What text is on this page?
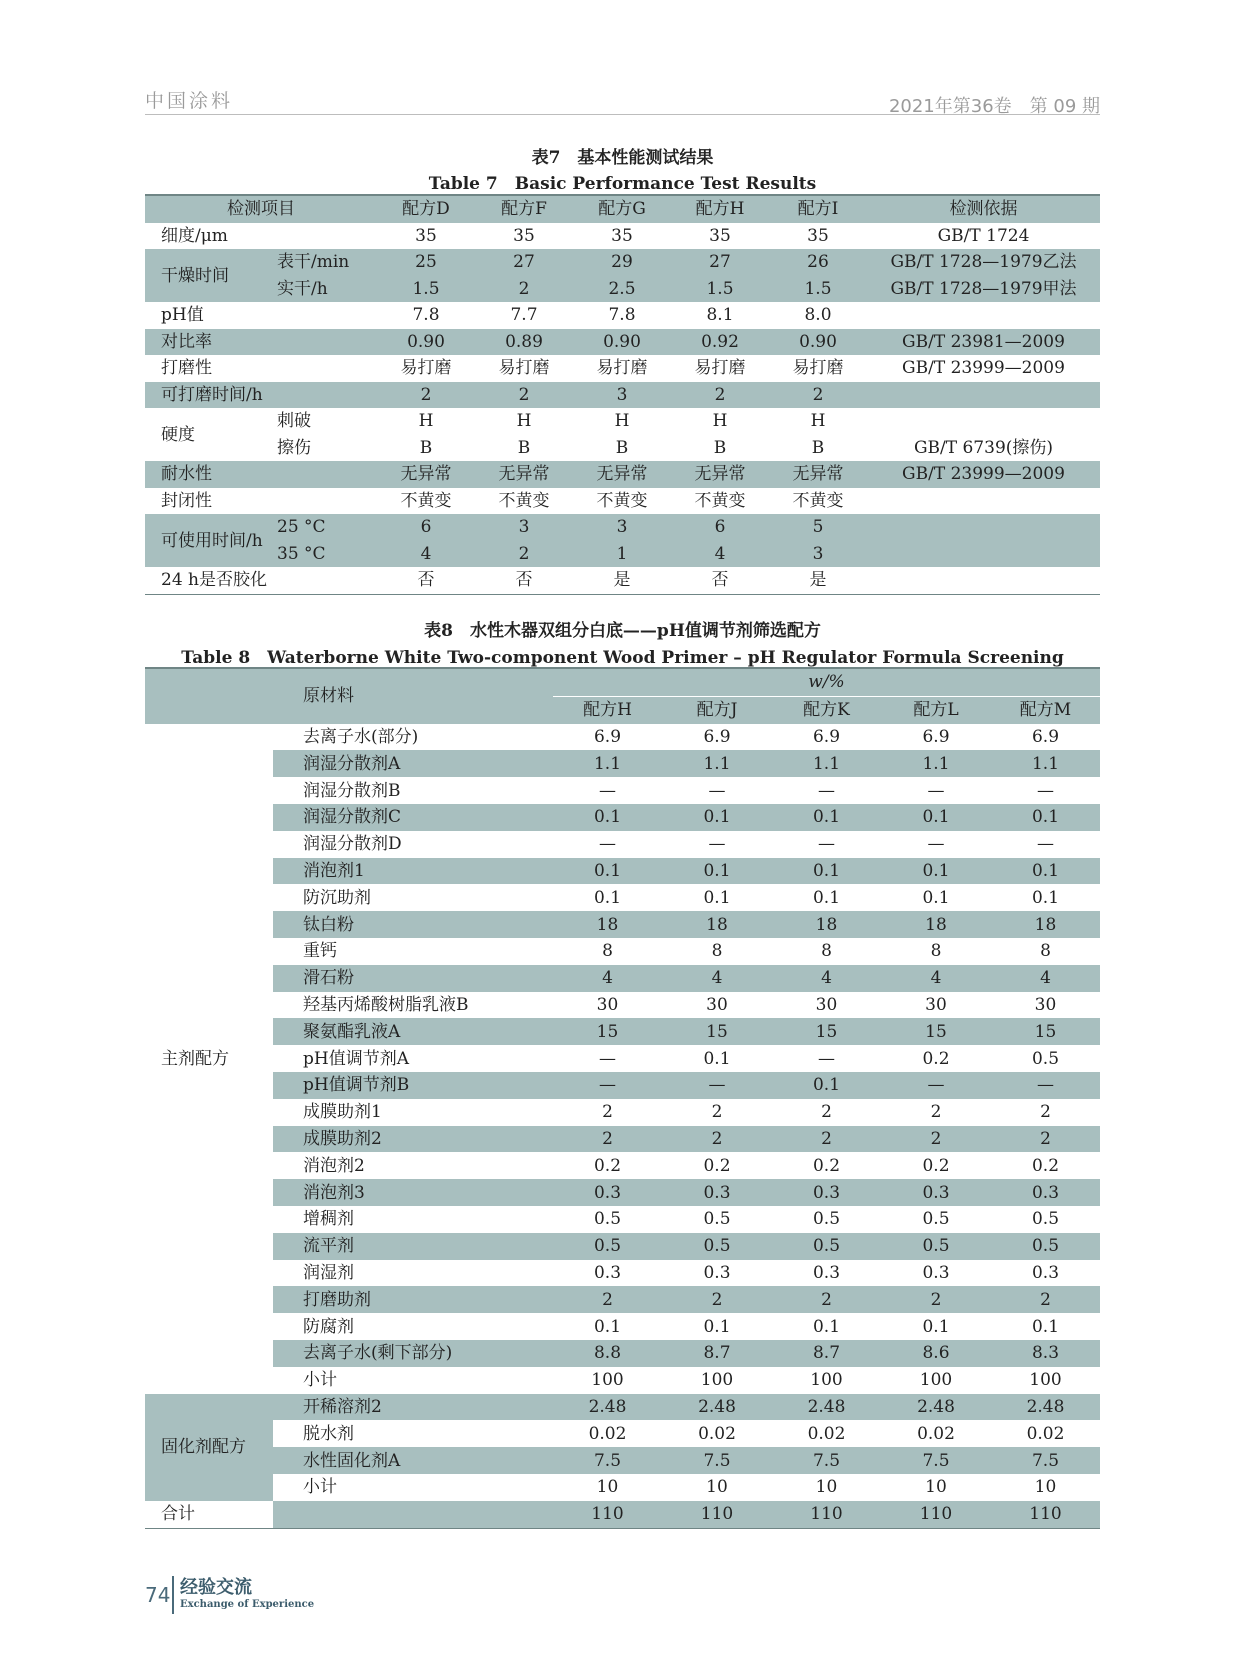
中国涂料	2021年第36卷　第 09 期
表7　基本性能测试结果
Table 7　Basic Performance Test Results
检测项目		配方D	配方F	配方G	配方H	配方I	检测依据
细度/μm		35	35	35	35	35	GB/T 1724
干燥时间	表干/min	25	27	29	27	26	GB/T 1728—1979乙法
	实干/h	1.5	2	2.5	1.5	1.5	GB/T 1728—1979甲法
pH值		7.8	7.7	7.8	8.1	8.0	
对比率		0.90	0.89	0.90	0.92	0.90	GB/T 23981—2009
打磨性		易打磨	易打磨	易打磨	易打磨	易打磨	GB/T 23999—2009
可打磨时间/h		2	2	3	2	2	
硬度	刺破	H	H	H	H	H	
	擦伤	B	B	B	B	B	GB/T 6739(擦伤)
耐水性		无异常	无异常	无异常	无异常	无异常	GB/T 23999—2009
封闭性		不黄变	不黄变	不黄变	不黄变	不黄变	
可使用时间/h	25 °C	6	3	3	6	5	
	35 °C	4	2	1	4	3	
24 h是否胶化		否	否	是	否	是	
表8　水性木器双组分白底——pH值调节剂筛选配方
Table 8　Waterborne White Two-component Wood Primer – pH Regulator Formula Screening
	原材料	w/%				
		配方H	配方J	配方K	配方L	配方M
主剂配方	去离子水(部分)	6.9	6.9	6.9	6.9	6.9
	润湿分散剂A	1.1	1.1	1.1	1.1	1.1
	润湿分散剂B	—	—	—	—	—
	润湿分散剂C	0.1	0.1	0.1	0.1	0.1
	润湿分散剂D	—	—	—	—	—
	消泡剂1	0.1	0.1	0.1	0.1	0.1
	防沉助剂	0.1	0.1	0.1	0.1	0.1
	钛白粉	18	18	18	18	18
	重钙	8	8	8	8	8
	滑石粉	4	4	4	4	4
	羟基丙烯酸树脂乳液B	30	30	30	30	30
	聚氨酯乳液A	15	15	15	15	15
	pH值调节剂A	—	0.1	—	0.2	0.5
	pH值调节剂B	—	—	0.1	—	—
	成膜助剂1	2	2	2	2	2
	成膜助剂2	2	2	2	2	2
	消泡剂2	0.2	0.2	0.2	0.2	0.2
	消泡剂3	0.3	0.3	0.3	0.3	0.3
	增稠剂	0.5	0.5	0.5	0.5	0.5
	流平剂	0.5	0.5	0.5	0.5	0.5
	润湿剂	0.3	0.3	0.3	0.3	0.3
	打磨助剂	2	2	2	2	2
	防腐剂	0.1	0.1	0.1	0.1	0.1
	去离子水(剩下部分)	8.8	8.7	8.7	8.6	8.3
	小计	100	100	100	100	100
固化剂配方	开稀溶剂2	2.48	2.48	2.48	2.48	2.48
	脱水剂	0.02	0.02	0.02	0.02	0.02
	水性固化剂A	7.5	7.5	7.5	7.5	7.5
	小计	10	10	10	10	10
合计		110	110	110	110	110
74 经验交流
Exchange of Experience
